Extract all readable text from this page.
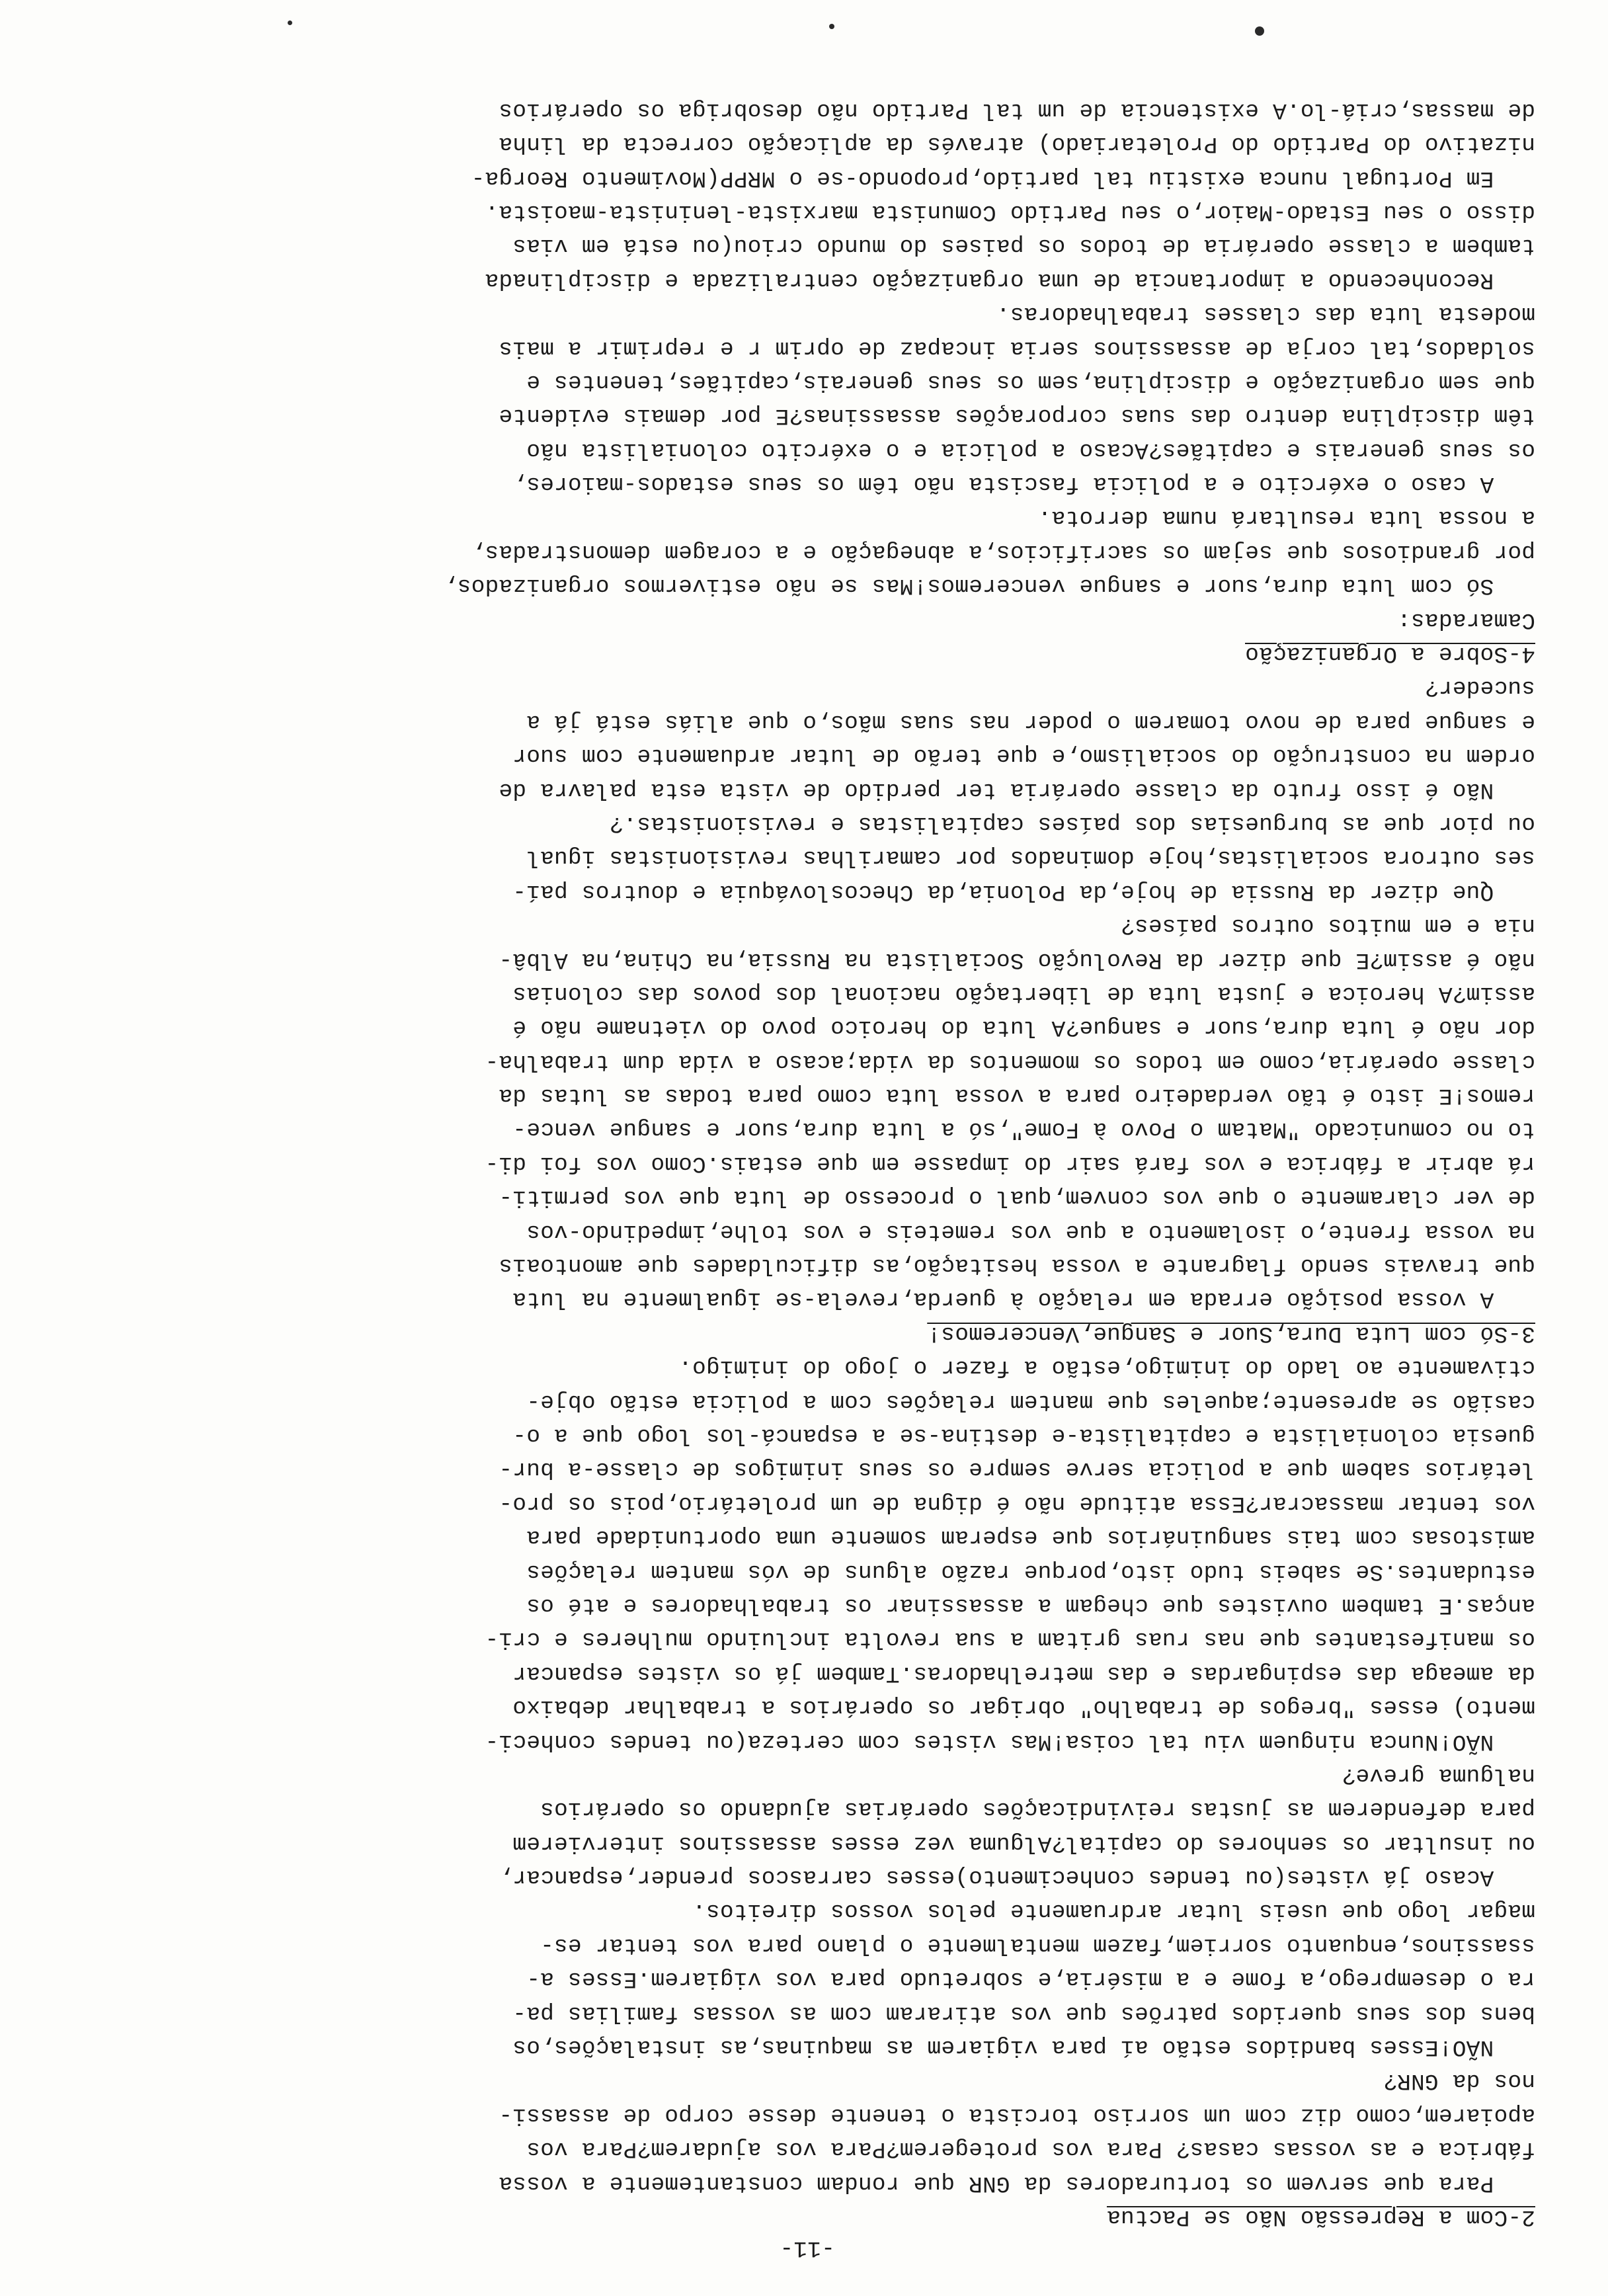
-11-
2-Com a Repressão Não se Pactua
Para que servem os torturadores da GNR que rondam constantemente a vossa
fábrica e as vossas casas? Para vos protegerem?Para vos ajudarem?Para vos
apoiarem,como diz com um sorriso torcista o tenente desse corpo de assassi-
nos da GNR?
NÃO!Esses bandidos estão aí para vigiarem as maquinas,as instalações,os
bens dos seus queridos patrões que vos atiraram com as vossas familias pa-
ra o desemprego,a fome e a miséria,e sobretudo para vos vigiarem.Esses a-
ssassinos,enquanto sorriem,fazem mentalmente o plano para vos tentar es-
magar logo que useis lutar ardruamente pelos vossos direitos.
Acaso já vistes(ou tendes conhecimento)esses carrascos prender,espancar,
ou insultar os senhores do capital?Alguma vez esses assassinos intervierem
para defenderem as justas reivindicações operárias ajudando os operários
nalguma greve?
NÃO!Nunca ninguem viu tal coisa!Mas vistes com certeza(ou tendes conheci-
mento) esses "bregos de trabalho" obrigar os operários a trabalhar debaixo
da ameaga das espingardas e das metrelhadoras.Tambem já os vistes espancar
os manifestantes que nas ruas gritam a sua revolta incluindo mulheres e cri-
anças.E tambem ouvistes que chegam a assassinar os trabalhadores e até os
estudantes.Se sabeis tudo isto,porque razão alguns de vós mantem relações
amistosas com tais sanguinários que esperam somente uma oportunidade para
vos tentar massacrar?Essa atitude não é digna de um proletário,pois os pro-
letários sabem que a policia serve sempre os seus inimigos de classe-a bur-
guesia colonialista e capitalista-e destina-se a espancá-los logo que a o-
casião se apresente;aqueles que mantem relações com a policia estão obje-
ctivamente ao lado do inimigo,estão a fazer o jogo do inimigo.
3-Só com Luta Dura,Suor e Sangue,Venceremos!
A vossa posição errada em relação à guerda,revela-se igualmente na luta
que travais sendo flagrante a vossa hesitação,as dificuldades que amontoais
na vossa frente,o isolamento a que vos remeteis e vos tolhe,impedindo-vos
de ver claramente o que vos convem,qual o processo de luta que vos permiti-
rá abrir a fábrica e vos fará sair do impasse em que estais.Como vos foi di-
to no comunicado "Matam o Povo à Fome",só a luta dura,suor e sangue vence-
remos!E isto é tão verdadeiro para a vossa luta como para todas as lutas da
classe operária,como em todos os momentos da vida;acaso a vida dum trabalha-
dor não é luta dura,suor e sangue?A luta do heroico povo do vietname não é
assim?A heroica e justa luta de libertação nacional dos povos das colonias
não é assim?E que dizer da Revolução Socialista na Russia,na China,na Albâ-
nia e em muitos outros países?
Que dizer da Russia de hoje,da Polonia,da Checoslováquia e doutros paí-
ses outrora socialistas,hoje dominados por camarilhas revisionistas igual
ou pior que as burguesias dos países capitalistas e revisionistas.?
Não é isso fruto da classe operária ter perdido de vista esta palavra de
ordem na construção do socialismo,e que terão de lutar arduamente com suor
e sangue para de novo tomarem o poder nas suas mãos,o que aliás está já a
suceder?
4-Sobre a Organização
Camaradas:
Só com luta dura,suor e sangue venceremos!Mas se não estivermos organizados,
por grandiosos que sejam os sacrificios,a abnegação e a coragem demonstradas,
a nossa luta resultará numa derrota.
A caso o exército e a policia fascista não têm os seus estados-maiores,
os seus generais e capitães?Acaso a policia e o exército colonialista não
têm disciplina dentro das suas corporações assassinas?E por demais evidente
que sem organização e disciplina,sem os seus generais,capitães,tenentes e
soldados,tal corja de assassinos seria incapaz de oprim r e reprimir a mais
modesta luta das classes trabalhadoras.
Reconhecendo a importancia de uma organização centralizada e disciplinada
tambem a classe operária de todos os paises do mundo criou(ou está em vias
disso o seu Estado-Maior,o seu Partido Comunista marxista-leninista-maoista.
Em Portugal nunca existiu tal partido,propondo-se o MRPP(Movimento Reorga-
nizativo do Partido do Proletariado) através da aplicação correcta da linha
de massas,criá-lo.A existencia de um tal Partido não desobriga os operários
